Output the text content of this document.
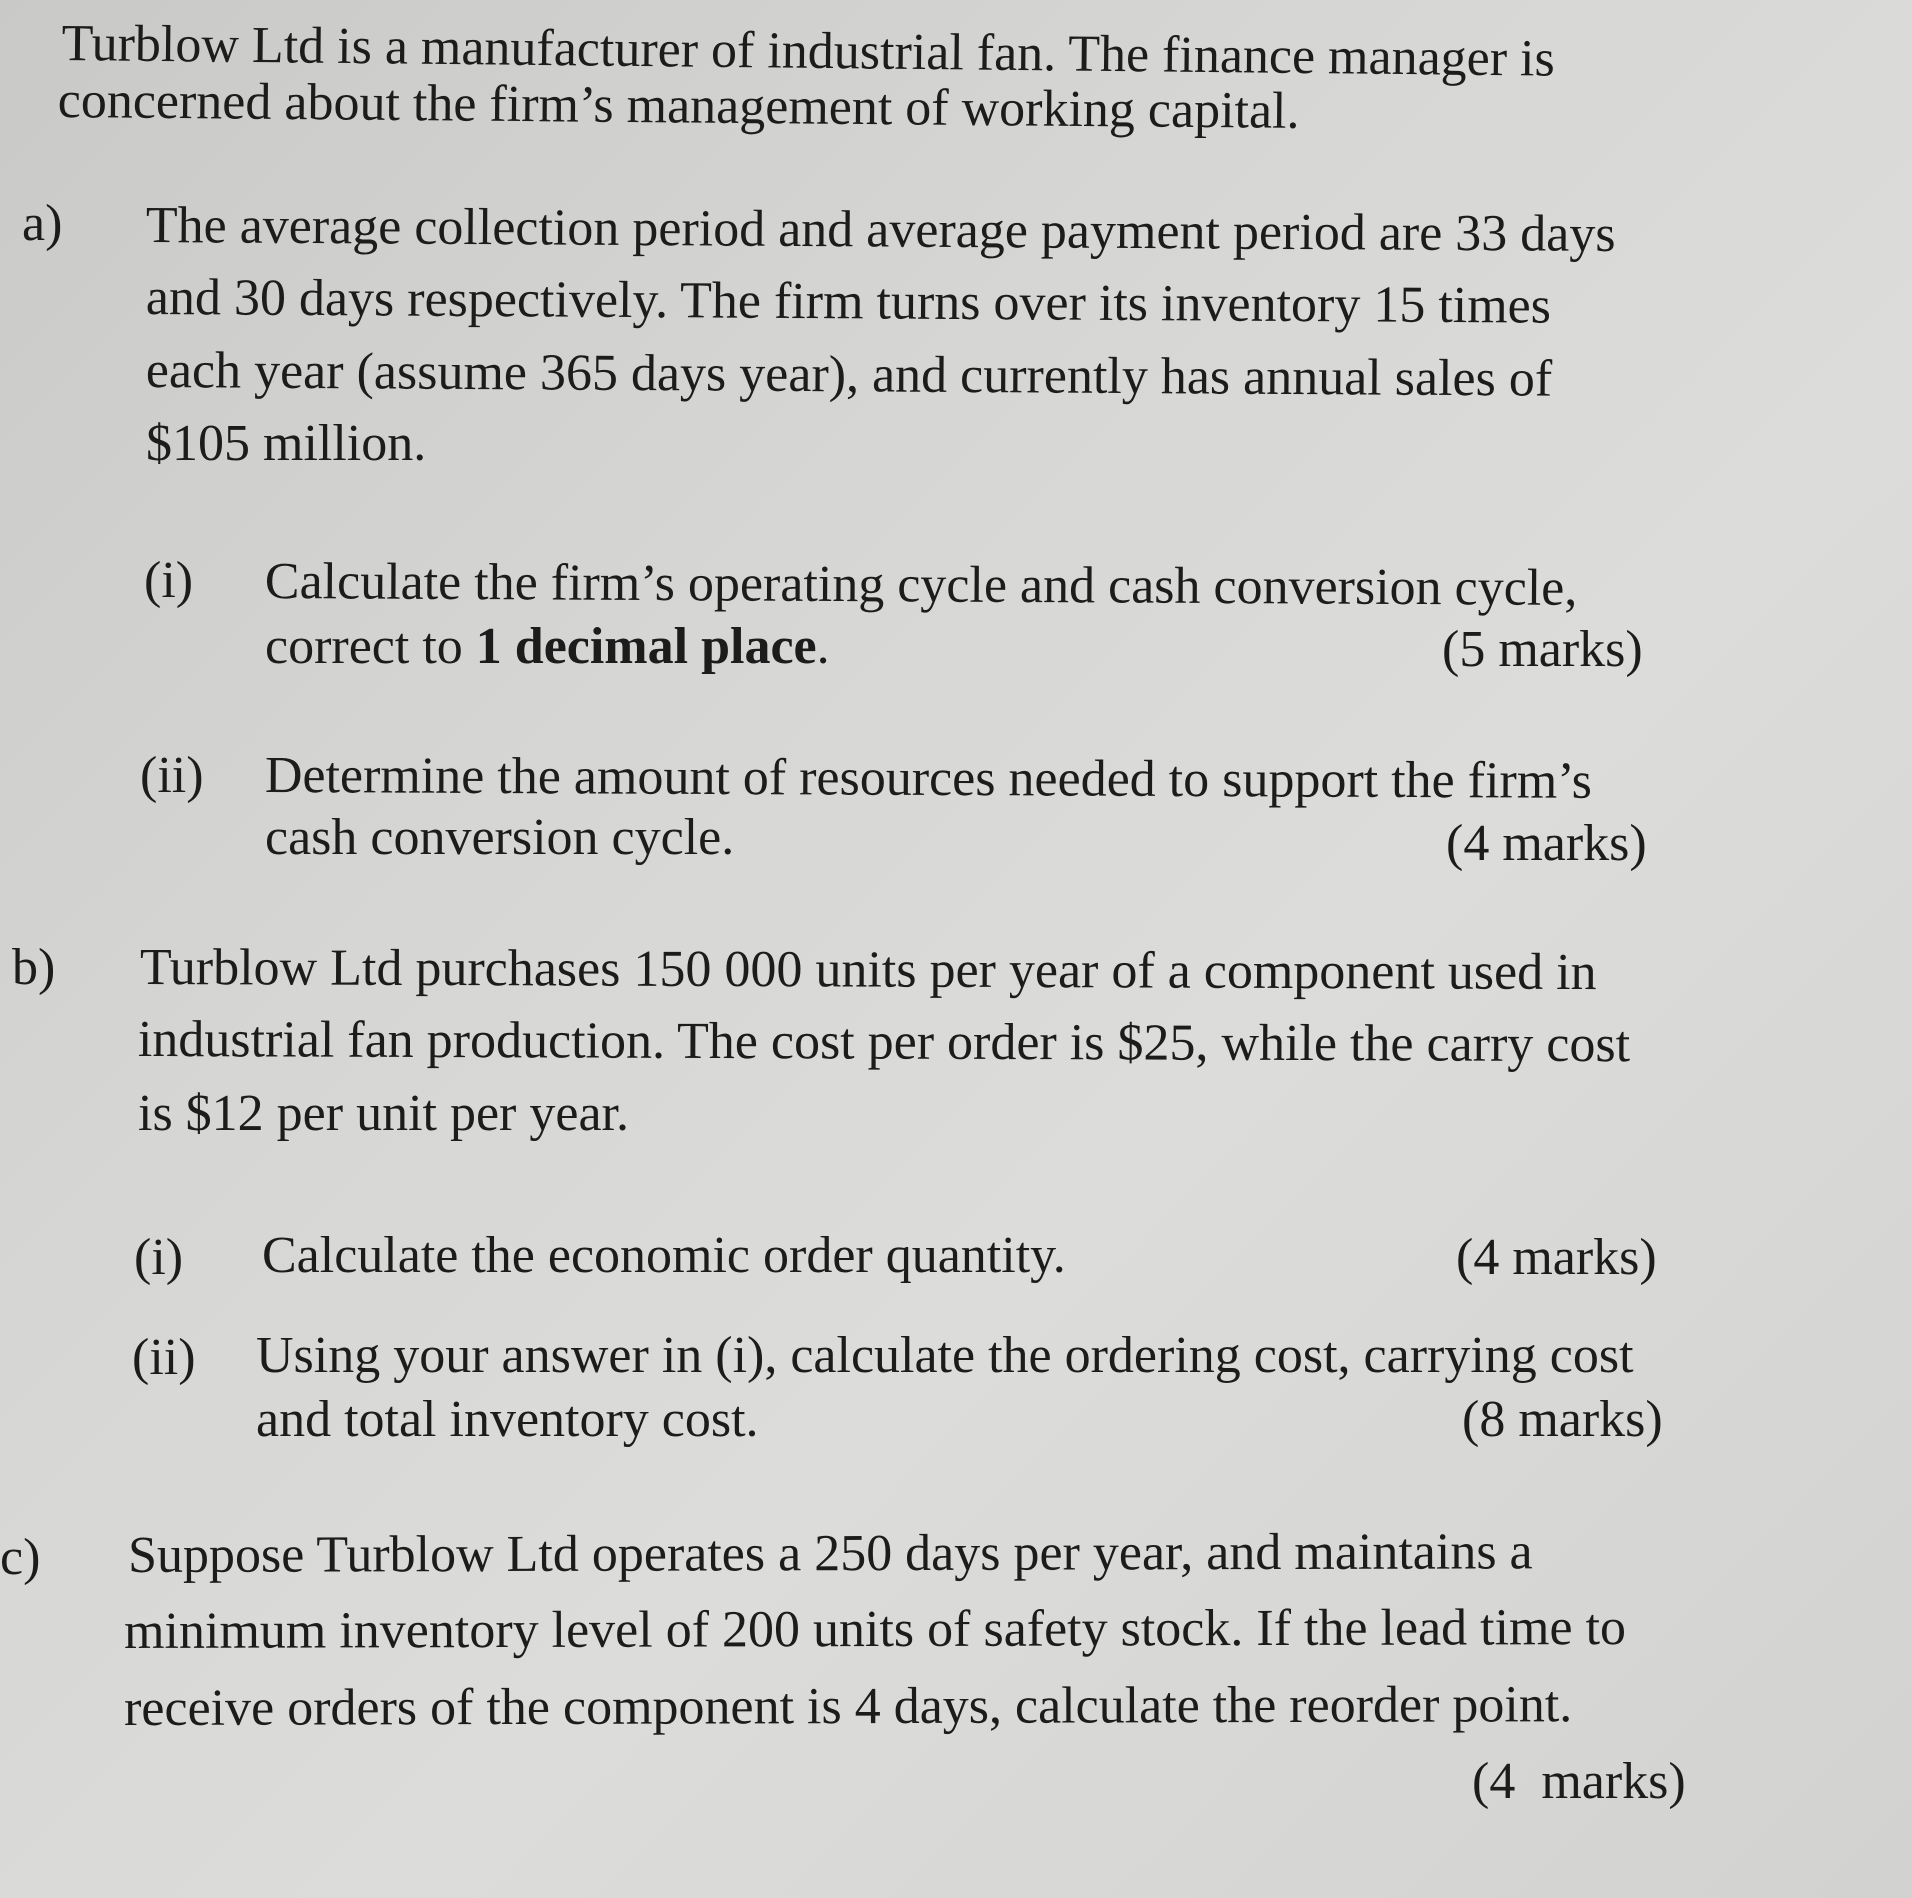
Turblow Ltd is a manufacturer of industrial fan. The finance manager is
concerned about the firm’s management of working capital.
a) The average collection period and average payment period are 33 days
and 30 days respectively. The firm turns over its inventory 15 times
each year (assume 365 days year), and currently has annual sales of
$105 million.
(i) Calculate the firm’s operating cycle and cash conversion cycle,
correct to 1 decimal place.	(5 marks)
(ii) Determine the amount of resources needed to support the firm’s
cash conversion cycle.	(4 marks)
b) Turblow Ltd purchases 150 000 units per year of a component used in
industrial fan production. The cost per order is $25, while the carry cost
is $12 per unit per year.
(i) Calculate the economic order quantity.	(4 marks)
(ii) Using your answer in (i), calculate the ordering cost, carrying cost
and total inventory cost.	(8 marks)
c) Suppose Turblow Ltd operates a 250 days per year, and maintains a
minimum inventory level of 200 units of safety stock. If the lead time to
receive orders of the component is 4 days, calculate the reorder point.
(4  marks)
